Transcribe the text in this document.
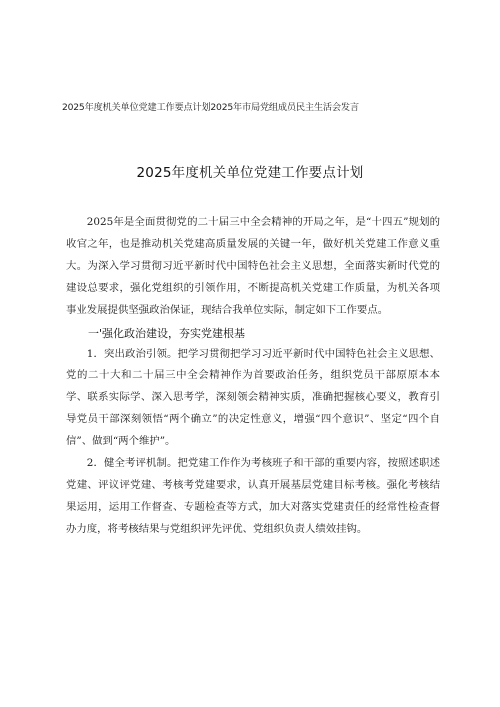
2025年度机关单位党建工作要点计划2025年市局党组成员民主生活会发言
2025年度机关单位党建工作要点计划

2025年是全面贯彻党的二十届三中全会精神的开局之年，是“十四五”规划的收官之年，也是推动机关党建高质量发展的关键一年，做好机关党建工作意义重大。为深入学习贯彻习近平新时代中国特色社会主义思想，全面落实新时代党的建设总要求，强化党组织的引领作用，不断提高机关党建工作质量，为机关各项事业发展提供坚强政治保证，现结合我单位实际，制定如下工作要点。

一'强化政治建设，夯实党建根基

1．突出政治引领。把学习贯彻把学习习近平新时代中国特色社会主义思想、党的二十大和二十届三中全会精神作为首要政治任务，组织党员干部原原本本学、联系实际学、深入思考学，深刻领会精神实质，准确把握核心要义，教育引导党员干部深刻领悟“两个确立”的决定性意义，增强“四个意识”、坚定“四个自信”、做到“两个维护”。

2．健全考评机制。把党建工作作为考核班子和干部的重要内容，按照述职述党建、评议评党建、考核考党建要求，认真开展基层党建目标考核。强化考核结果运用，运用工作督查、专题检查等方式，加大对落实党建责任的经常性检查督办力度，将考核结果与党组织评先评优、党组织负责人绩效挂钩。
